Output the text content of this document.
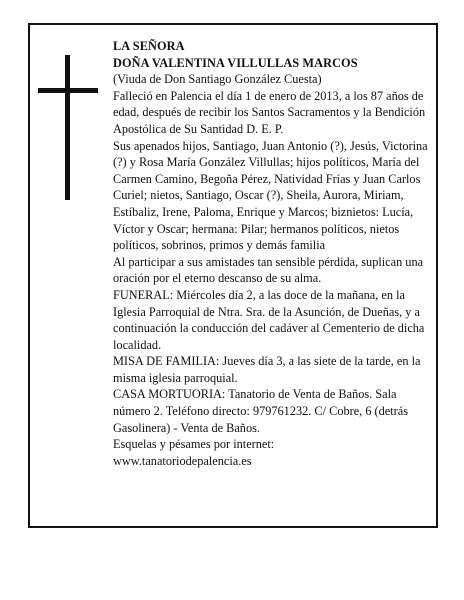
LA SEÑORA

DOÑA VALENTINA VILLULLAS MARCOS

(Viuda de Don Santiago González Cuesta)

Falleció en Palencia el día 1 de enero de 2013, a los 87 años de edad, después de recibir los Santos Sacramentos y la Bendición Apostólica de Su Santidad D. E. P.

Sus apenados hijos, Santiago, Juan Antonio (?), Jesús, Victorina (?) y Rosa María González Villullas; hijos políticos, María del Carmen Camino, Begoña Pérez, Natividad Frías y Juan Carlos Curiel; nietos, Santiago, Oscar (?), Sheila, Aurora, Miriam, Estíbaliz, Irene, Paloma, Enrique y Marcos; biznietos: Lucía, Víctor y Oscar; hermana: Pilar; hermanos políticos, nietos políticos, sobrinos, primos y demás familia

Al participar a sus amistades tan sensible pérdida, suplican una oración por el eterno descanso de su alma.

FUNERAL: Miércoles día 2, a las doce de la mañana, en la Iglesia Parroquial de Ntra. Sra. de la Asunción, de Dueñas, y a continuación la conducción del cadáver al Cementerio de dicha localidad.

MISA DE FAMILIA: Jueves día 3, a las siete de la tarde, en la misma iglesia parroquial.

CASA MORTUORIA: Tanatorio de Venta de Baños. Sala número 2. Teléfono directo: 979761232. C/ Cobre, 6 (detrás Gasolinera) - Venta de Baños.

Esquelas y pésames por internet:

www.tanatoriodepalencia.es
